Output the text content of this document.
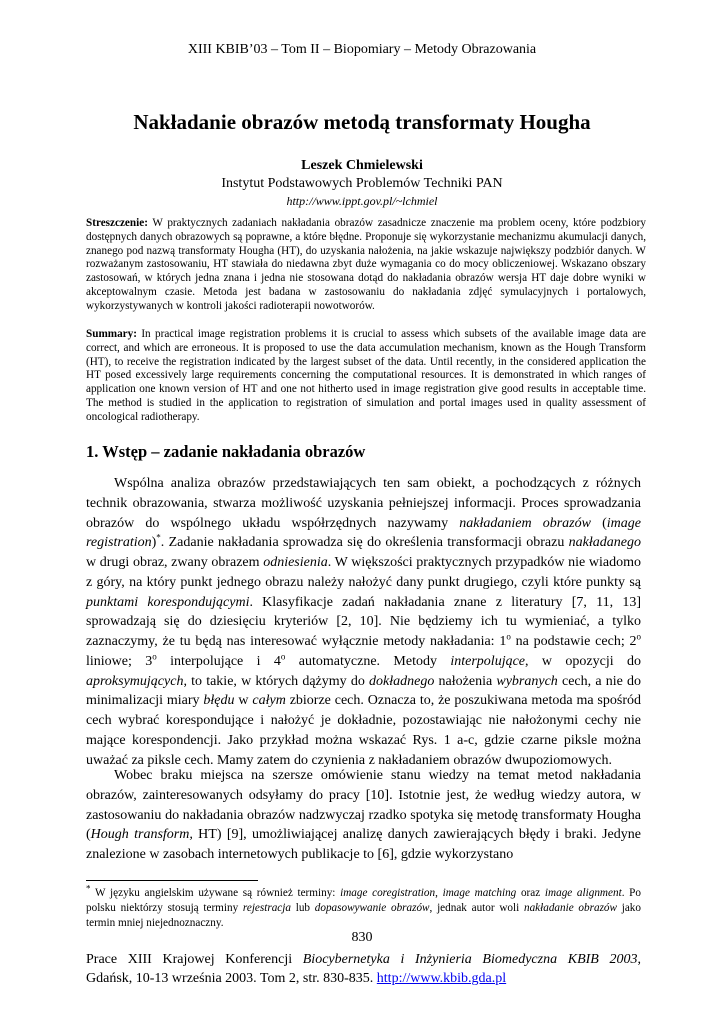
XIII KBIB’03 – Tom II – Biopomiary – Metody Obrazowania
Nakładanie obrazów metodą transformaty Hougha
Leszek Chmielewski
Instytut Podstawowych Problemów Techniki PAN
http://www.ippt.gov.pl/~lchmiel

Streszczenie: W praktycznych zadaniach nakładania obrazów zasadnicze znaczenie ma problem oceny, które podzbiory dostępnych danych obrazowych są poprawne, a które błędne. Proponuje się wykorzystanie mechanizmu akumulacji danych, znanego pod nazwą transformaty Hougha (HT), do uzyskania nałożenia, na jakie wskazuje największy podzbiór danych. W rozważanym zastosowaniu, HT stawiała do niedawna zbyt duże wymagania co do mocy obliczeniowej. Wskazano obszary zastosowań, w których jedna znana i jedna nie stosowana dotąd do nakładania obrazów wersja HT daje dobre wyniki w akceptowalnym czasie. Metoda jest badana w zastosowaniu do nakładania zdjęć symulacyjnych i portalowych, wykorzystywanych w kontroli jakości radioterapii nowotworów.

Summary: In practical image registration problems it is crucial to assess which subsets of the available image data are correct, and which are erroneous. It is proposed to use the data accumulation mechanism, known as the Hough Transform (HT), to receive the registration indicated by the largest subset of the data. Until recently, in the considered application the HT posed excessively large requirements concerning the computational resources. It is demonstrated in which ranges of application one known version of HT and one not hitherto used in image registration give good results in acceptable time. The method is studied in the application to registration of simulation and portal images used in quality assessment of oncological radiotherapy.

1. Wstęp – zadanie nakładania obrazów

Wspólna analiza obrazów przedstawiających ten sam obiekt, a pochodzących z różnych technik obrazowania, stwarza możliwość uzyskania pełniejszej informacji. Proces sprowadzania obrazów do wspólnego układu współrzędnych nazywamy nakładaniem obrazów (image registration)*. Zadanie nakładania sprowadza się do określenia transformacji obrazu nakładanego w drugi obraz, zwany obrazem odniesienia. W większości praktycznych przypadków nie wiadomo z góry, na który punkt jednego obrazu należy nałożyć dany punkt drugiego, czyli które punkty są punktami korespondującymi. Klasyfikacje zadań nakładania znane z literatury [7, 11, 13] sprowadzają się do dziesięciu kryteriów [2, 10]. Nie będziemy ich tu wymieniać, a tylko zaznaczymy, że tu będą nas interesować wyłącznie metody nakładania: 1$^o$ na podstawie cech; 2$^o$ liniowe; 3$^o$ interpolujące i 4$^o$ automatyczne. Metody interpolujące, w opozycji do aproksymujących, to takie, w których dążymy do dokładnego nałożenia wybranych cech, a nie do minimalizacji miary błędu w całym zbiorze cech. Oznacza to, że poszukiwana metoda ma spośród cech wybrać korespondujące i nałożyć je dokładnie, pozostawiając nie nałożonymi cechy nie mające korespondencji. Jako przykład można wskazać Rys. 1 a-c, gdzie czarne piksle można uważać za piksle cech. Mamy zatem do czynienia z nakładaniem obrazów dwupoziomowych.

Wobec braku miejsca na szersze omówienie stanu wiedzy na temat metod nakładania obrazów, zainteresowanych odsyłamy do pracy [10]. Istotnie jest, że według wiedzy autora, w zastosowaniu do nakładania obrazów nadzwyczaj rzadko spotyka się metodę transformaty Hougha (Hough transform, HT) [9], umożliwiającej analizę danych zawierających błędy i braki. Jedyne znalezione w zasobach internetowych publikacje to [6], gdzie wykorzystano

* W języku angielskim używane są również terminy: image coregistration, image matching oraz image alignment. Po polsku niektórzy stosują terminy rejestracja lub dopasowywanie obrazów, jednak autor woli nakładanie obrazów jako termin mniej niejednoznaczny.

830

Prace XIII Krajowej Konferencji Biocybernetyka i Inżynieria Biomedyczna KBIB 2003,

Gdańsk, 10-13 września 2003. Tom 2, str. 830-835. http://www.kbib.gda.pl
